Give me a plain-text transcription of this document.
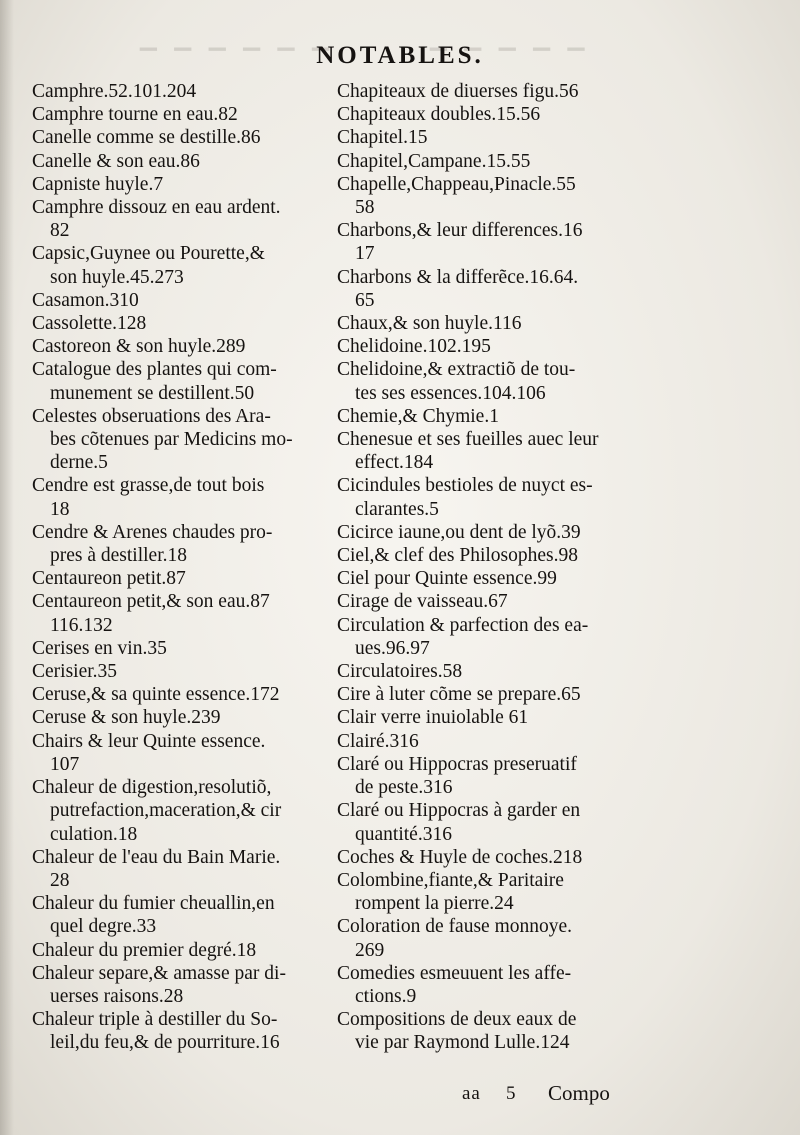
▔ ▔ ▔ ▔ ▔ ▔	▔ ▔ ▔ ▔ ▔
NOTABLES.
Camphre.52.101.204
Camphre tourne en eau.82
Canelle comme se destille.86
Canelle & son eau.86
Capniste huyle.7
Camphre dissouz en eau ardent.
82
Capsic,Guynee ou Pourette,&
son huyle.45.273
Casamon.310
Cassolette.128
Castoreon & son huyle.289
Catalogue des plantes qui com-
munement se destillent.50
Celestes obseruations des Ara-
bes cõtenues par Medicins mo-
derne.5
Cendre est grasse,de tout bois
18
Cendre & Arenes chaudes pro-
pres à destiller.18
Centaureon petit.87
Centaureon petit,& son eau.87
116.132
Cerises en vin.35
Cerisier.35
Ceruse,& sa quinte essence.172
Ceruse & son huyle.239
Chairs & leur Quinte essence.
107
Chaleur de digestion,resolutiõ,
putrefaction,maceration,& cir
culation.18
Chaleur de l'eau du Bain Marie.
28
Chaleur du fumier cheuallin,en
quel degre.33
Chaleur du premier degré.18
Chaleur separe,& amasse par di-
uerses raisons.28
Chaleur triple à destiller du So-
leil,du feu,& de pourriture.16
Chapiteaux de diuerses figu.56
Chapiteaux doubles.15.56
Chapitel.15
Chapitel,Campane.15.55
Chapelle,Chappeau,Pinacle.55
58
Charbons,& leur differences.16
17
Charbons & la differẽce.16.64.
65
Chaux,& son huyle.116
Chelidoine.102.195
Chelidoine,& extractiõ de tou-
tes ses essences.104.106
Chemie,& Chymie.1
Chenesue et ses fueilles auec leur
effect.184
Cicindules bestioles de nuyct es-
clarantes.5
Cicirce iaune,ou dent de lyõ.39
Ciel,& clef des Philosophes.98
Ciel pour Quinte essence.99
Cirage de vaisseau.67
Circulation & parfection des ea-
ues.96.97
Circulatoires.58
Cire à luter cõme se prepare.65
Clair verre inuiolable 61
Clairé.316
Claré ou Hippocras preseruatif
de peste.316
Claré ou Hippocras à garder en
quantité.316
Coches & Huyle de coches.218
Colombine,fiante,& Paritaire
rompent la pierre.24
Coloration de fause monnoye.
269
Comedies esmeuuent les affe-
ctions.9
Compositions de deux eaux de
vie par Raymond Lulle.124
aa 5 Compo
